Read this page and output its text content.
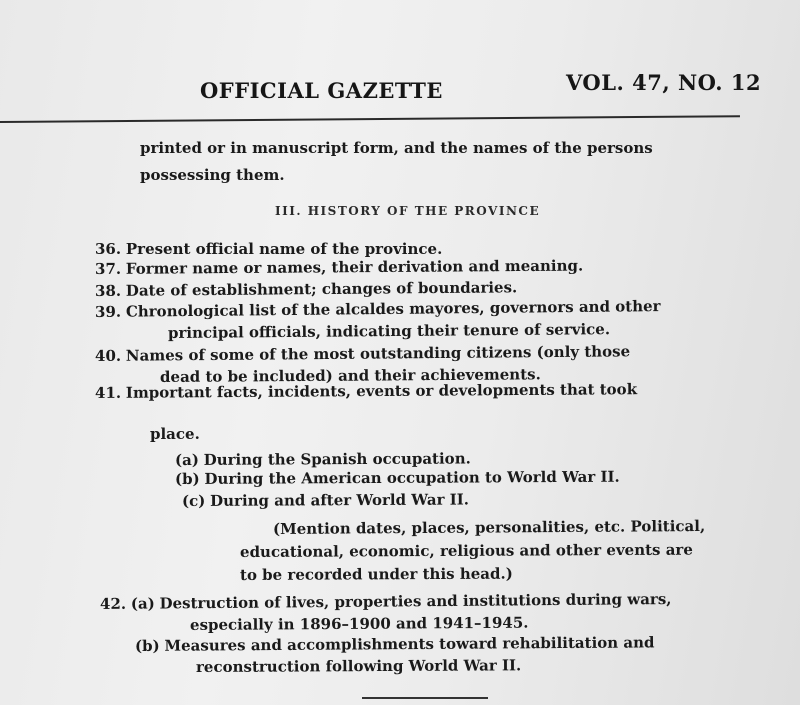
OFFICIAL GAZETTE	VOL. 47, NO. 12
printed or in manuscript form, and the names of the persons
possessing them.
III. HISTORY OF THE PROVINCE
36. Present official name of the province.
37. Former name or names, their derivation and meaning.
38. Date of establishment; changes of boundaries.
39. Chronological list of the alcaldes mayores, governors and other
principal officials, indicating their tenure of service.
40. Names of some of the most outstanding citizens (only those
dead to be included) and their achievements.
41. Important facts, incidents, events or developments that took
place.
(a) During the Spanish occupation.
(b) During the American occupation to World War II.
(c) During and after World War II.
(Mention dates, places, personalities, etc. Political,
educational, economic, religious and other events are
to be recorded under this head.)
42. (a) Destruction of lives, properties and institutions during wars,
especially in 1896–1900 and 1941–1945.
(b) Measures and accomplishments toward rehabilitation and
reconstruction following World War II.
